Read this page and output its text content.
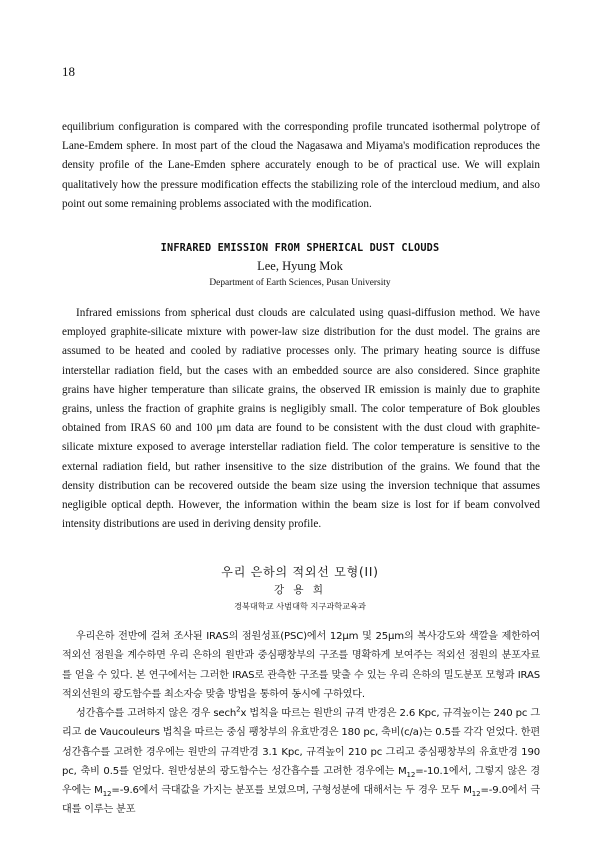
18

equilibrium configuration is compared with the corresponding profile truncated isothermal polytrope of Lane-Emdem sphere. In most part of the cloud the Nagasawa and Miyama's modification reproduces the density profile of the Lane-Emden sphere accurately enough to be of practical use. We will explain qualitatively how the pressure modification effects the stabilizing role of the intercloud medium, and also point out some remaining problems associated with the modification.

INFRARED EMISSION FROM SPHERICAL DUST CLOUDS
Lee, Hyung Mok
Department of Earth Sciences, Pusan University

Infrared emissions from spherical dust clouds are calculated using quasi-diffusion method. We have employed graphite-silicate mixture with power-law size distribution for the dust model. The grains are assumed to be heated and cooled by radiative processes only. The primary heating source is diffuse interstellar radiation field, but the cases with an embedded source are also considered. Since graphite grains have higher temperature than silicate grains, the observed IR emission is mainly due to graphite grains, unless the fraction of graphite grains is negligibly small. The color temperature of Bok gloubles obtained from IRAS 60 and 100 μm data are found to be consistent with the dust cloud with graphite-silicate mixture exposed to average interstellar radiation field. The color temperature is sensitive to the external radiation field, but rather insensitive to the size distribution of the grains. We found that the density distribution can be recovered outside the beam size using the inversion technique that assumes negligible optical depth. However, the information within the beam size is lost for if beam convolved intensity distributions are used in deriving density profile.

우리 은하의 적외선 모형(II)
강 용 희
경북대학교 사범대학 지구과학교육과

우리은하 전반에 걸쳐 조사된 IRAS의 점원성표(PSC)에서 12μm 및 25μm의 복사강도와 색깔을 제한하여 적외선 점원을 계수하면 우리 은하의 원반과 중심팽창부의 구조를 명확하게 보여주는 적외선 점원의 분포자료를 얻을 수 있다. 본 연구에서는 그러한 IRAS로 관측한 구조를 맞출 수 있는 우리 은하의 밀도분포 모형과 IRAS 적외선원의 광도함수를 최소자승 맞춤 방법을 통하여 동시에 구하였다.

성간흡수를 고려하지 않은 경우 sech$^2$x 법칙을 따르는 원반의 규격 반경은 2.6 Kpc, 규격높이는 240 pc 그리고 de Vaucouleurs 법칙을 따르는 중심 팽창부의 유효반경은 180 pc, 축비(c/a)는 0.5를 각각 얻었다. 한편 성간흡수를 고려한 경우에는 원반의 규격반경 3.1 Kpc, 규격높이 210 pc 그리고 중심팽창부의 유효반경 190 pc, 축비 0.5를 얻었다. 원반성분의 광도함수는 성간흡수를 고려한 경우에는 $M_{12}=-10.1$에서, 그렇지 않은 경우에는 $M_{12}=-9.6$에서 극대값을 가지는 분포를 보였으며, 구형성분에 대해서는 두 경우 모두 $M_{12}=-9.0$에서 극대를 이루는 분포
